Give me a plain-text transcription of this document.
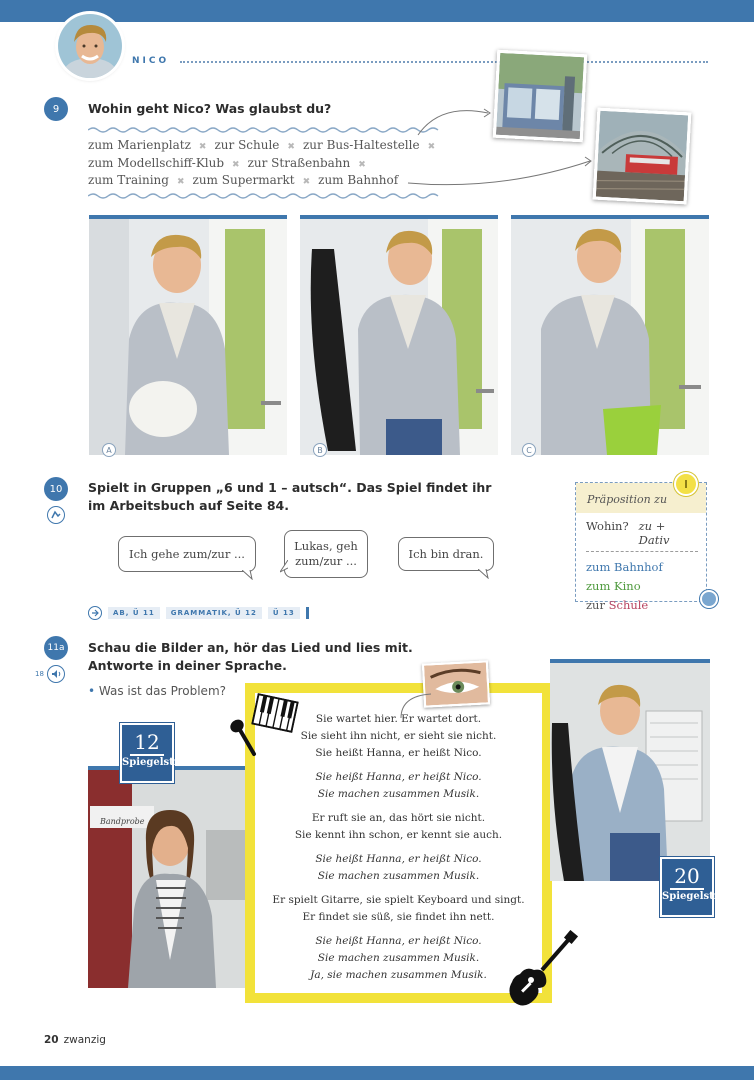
NICO
9	Wohin geht Nico? Was glaubst du?
zum Marienplatz ✖ zur Schule ✖ zur Bus-Haltestelle ✖
zum Modellschiff-Klub ✖ zur Straßenbahn ✖
zum Training ✖ zum Supermarkt ✖ zum Bahnhof
A	B	C
10	Spielt in Gruppen „6 und 1 – autsch“. Das Spiel findet ihr
im Arbeitsbuch auf Seite 84.
Ich gehe zum/zur ...
Lukas, geh zum/zur ...
Ich bin dran.
AB, Ü 11	GRAMMATIK, Ü 12	Ü 13
Präposition zu
Wohin? zu + Dativ
zum Bahnhof
zum Kino
zur Schule
11a
18
Schau die Bilder an, hör das Lied und lies mit.
Antworte in deiner Sprache.
• Was ist das Problem?
Bandprobe
12
Spiegelstr.
Sie wartet hier. Er wartet dort.
Sie sieht ihn nicht, er sieht sie nicht.
Sie heißt Hanna, er heißt Nico.
Sie heißt Hanna, er heißt Nico.
Sie machen zusammen Musik.
Er ruft sie an, das hört sie nicht.
Sie kennt ihn schon, er kennt sie auch.
Sie heißt Hanna, er heißt Nico.
Sie machen zusammen Musik.
Er spielt Gitarre, sie spielt Keyboard und singt.
Er findet sie süß, sie findet ihn nett.
Sie heißt Hanna, er heißt Nico.
Sie machen zusammen Musik.
Ja, sie machen zusammen Musik.
20
Spiegelstr.
20 zwanzig
